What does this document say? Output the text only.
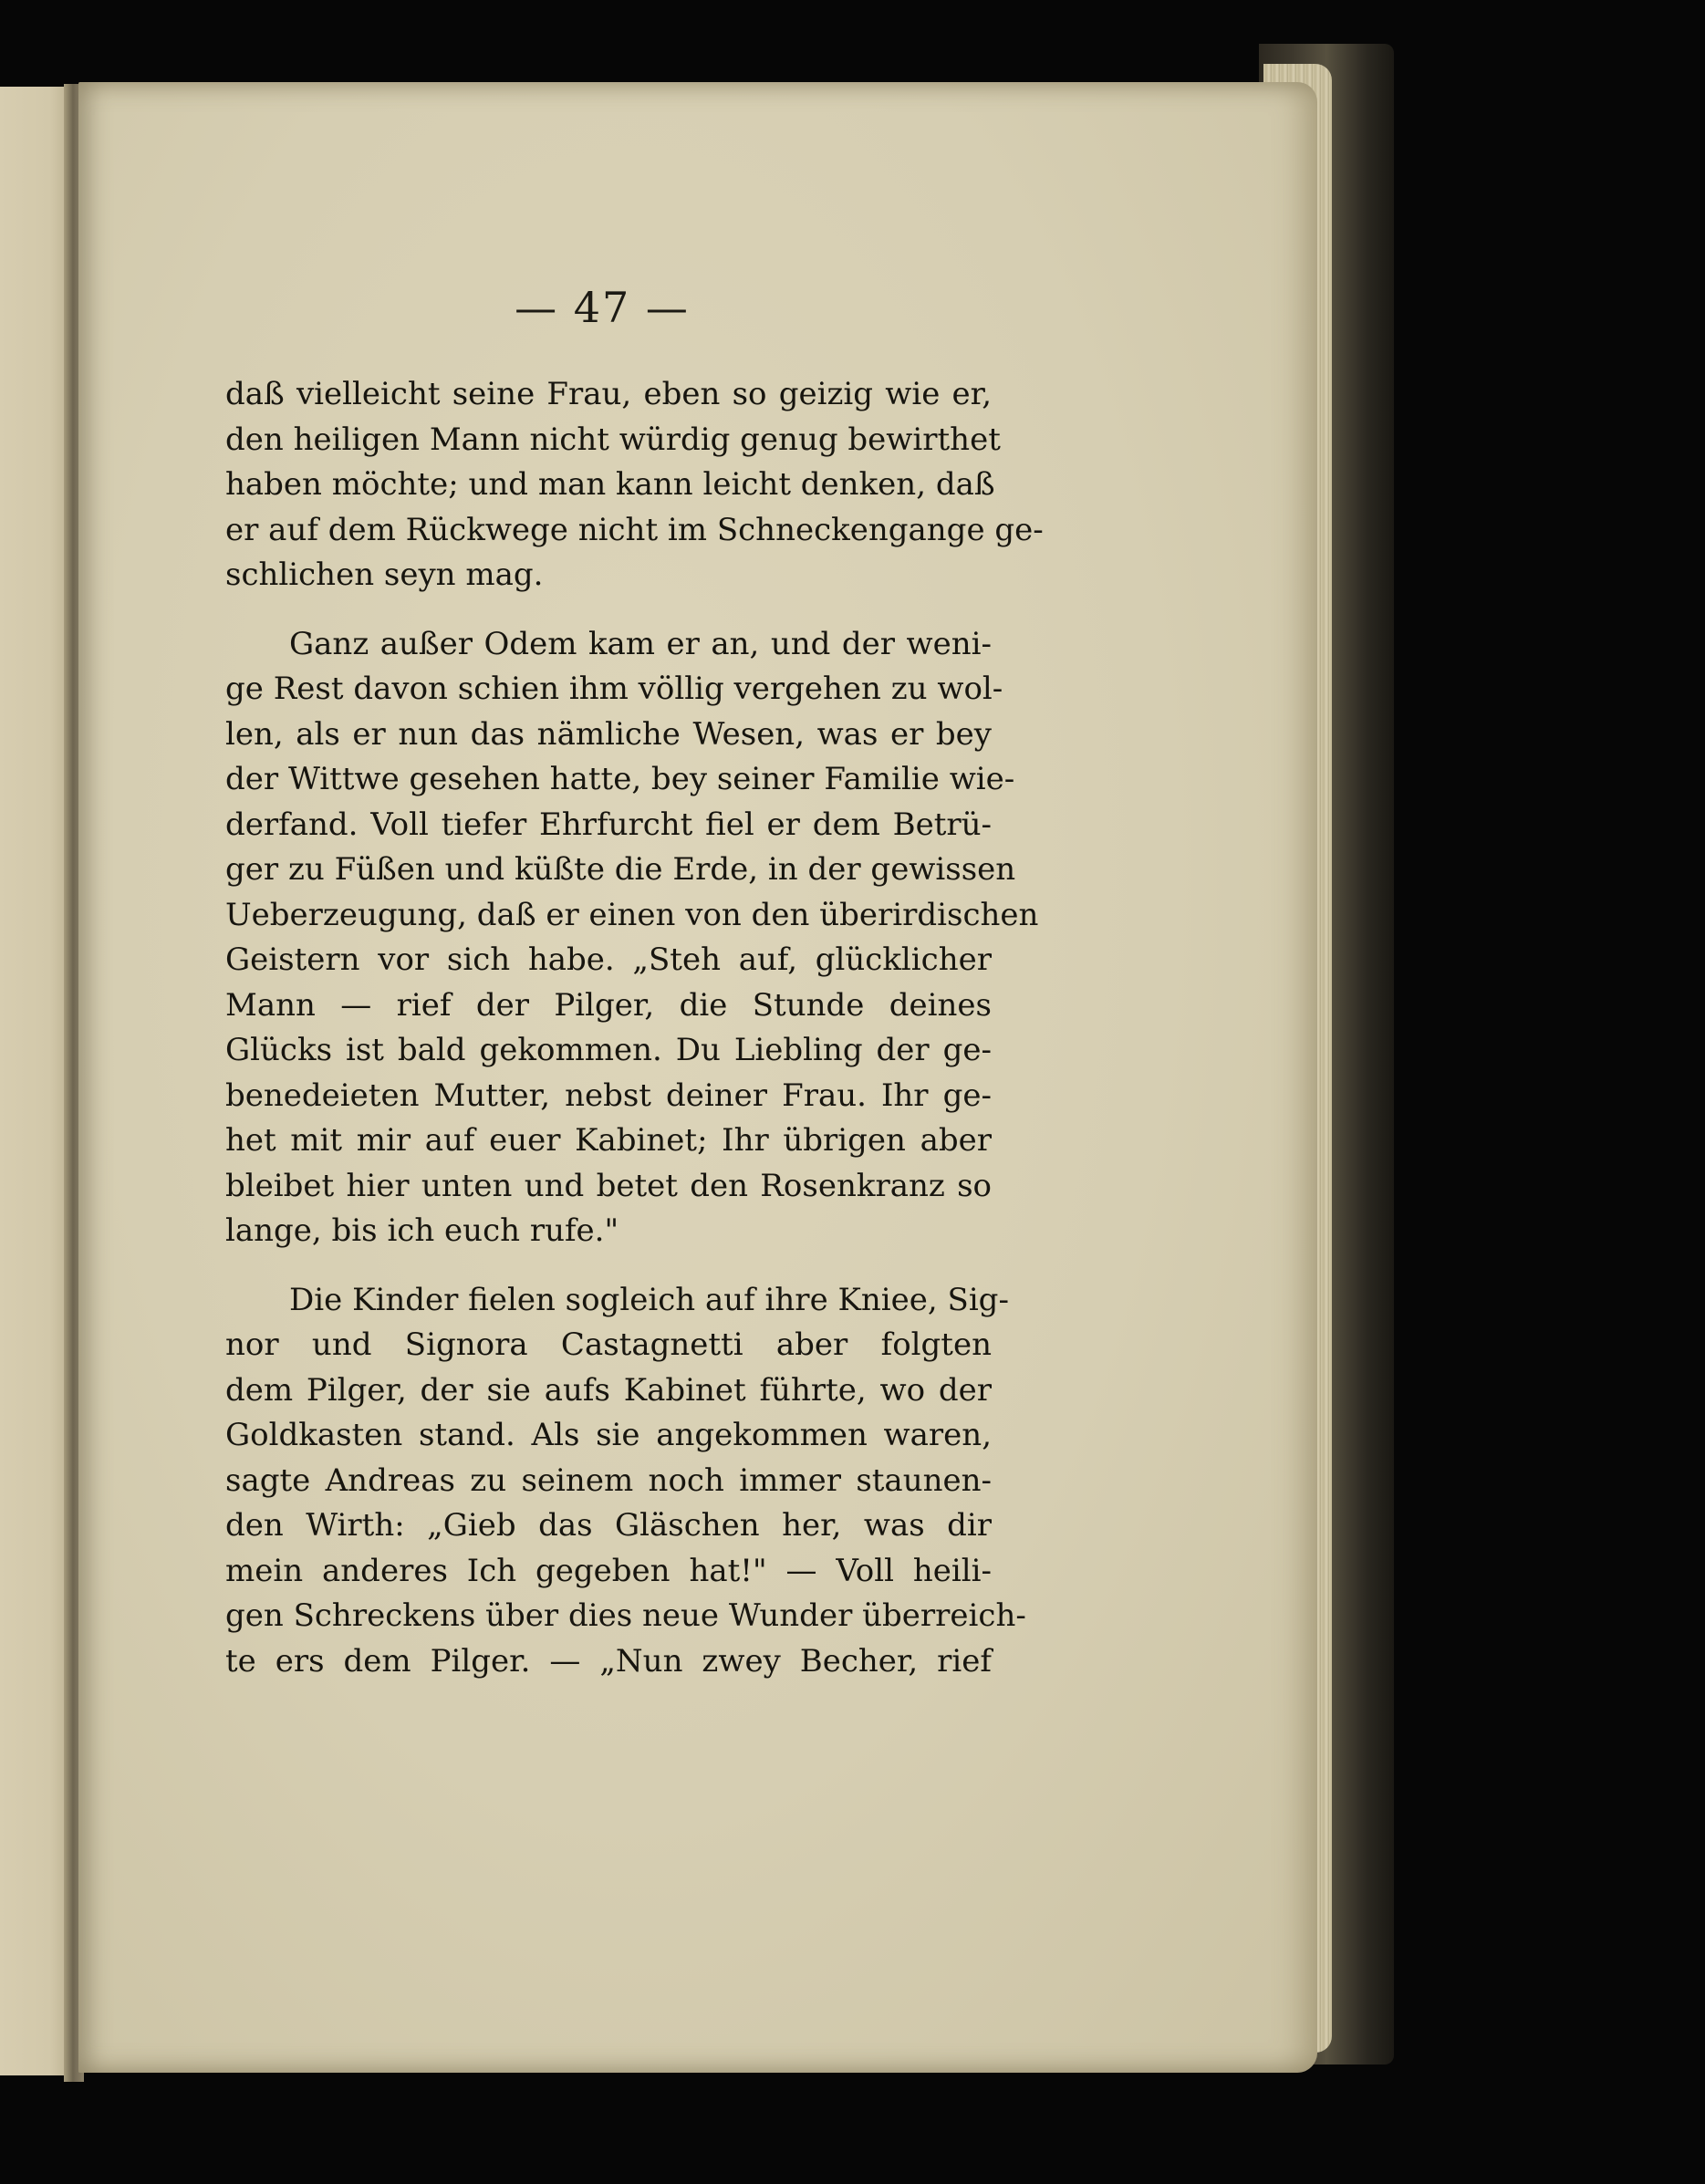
— 47 —
daß vielleicht seine Frau, eben so geizig wie er,
den heiligen Mann nicht würdig genug bewirthet
haben möchte; und man kann leicht denken, daß
er auf dem Rückwege nicht im Schneckengange ge-
schlichen seyn mag.
Ganz außer Odem kam er an, und der weni-
ge Rest davon schien ihm völlig vergehen zu wol-
len, als er nun das nämliche Wesen, was er bey
der Wittwe gesehen hatte, bey seiner Familie wie-
derfand. Voll tiefer Ehrfurcht fiel er dem Betrü-
ger zu Füßen und küßte die Erde, in der gewissen
Ueberzeugung, daß er einen von den überirdischen
Geistern vor sich habe. „Steh auf, glücklicher
Mann — rief der Pilger, die Stunde deines
Glücks ist bald gekommen. Du Liebling der ge-
benedeieten Mutter, nebst deiner Frau. Ihr ge-
het mit mir auf euer Kabinet; Ihr übrigen aber
bleibet hier unten und betet den Rosenkranz so
lange, bis ich euch rufe."
Die Kinder fielen sogleich auf ihre Kniee, Sig-
nor und Signora Castagnetti aber folgten
dem Pilger, der sie aufs Kabinet führte, wo der
Goldkasten stand. Als sie angekommen waren,
sagte Andreas zu seinem noch immer staunen-
den Wirth: „Gieb das Gläschen her, was dir
mein anderes Ich gegeben hat!" — Voll heili-
gen Schreckens über dies neue Wunder überreich-
te ers dem Pilger. — „Nun zwey Becher, rief
